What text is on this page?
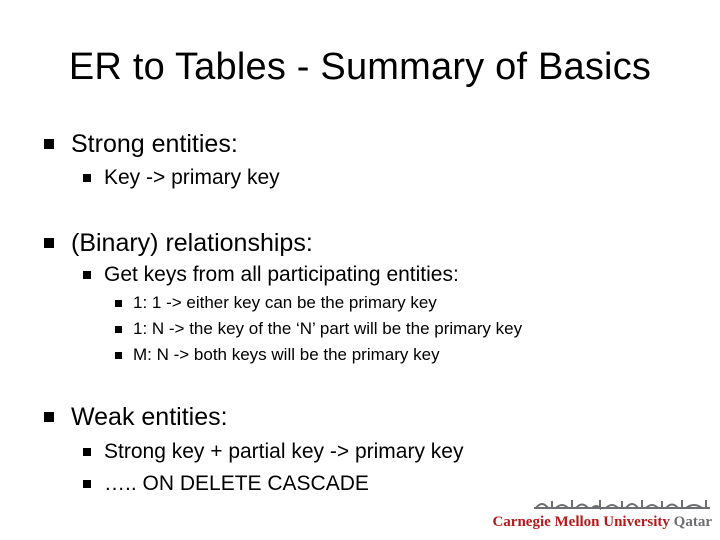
ER to Tables - Summary of Basics
Strong entities:
Key -> primary key
(Binary) relationships:
Get keys from all participating entities:
1: 1 -> either key can be the primary key
1: N -> the key of the ‘N’ part will be the primary key
M: N -> both keys will be the primary key
Weak entities:
Strong key + partial key -> primary key
….. ON DELETE CASCADE
Carnegie Mellon University Qatar
